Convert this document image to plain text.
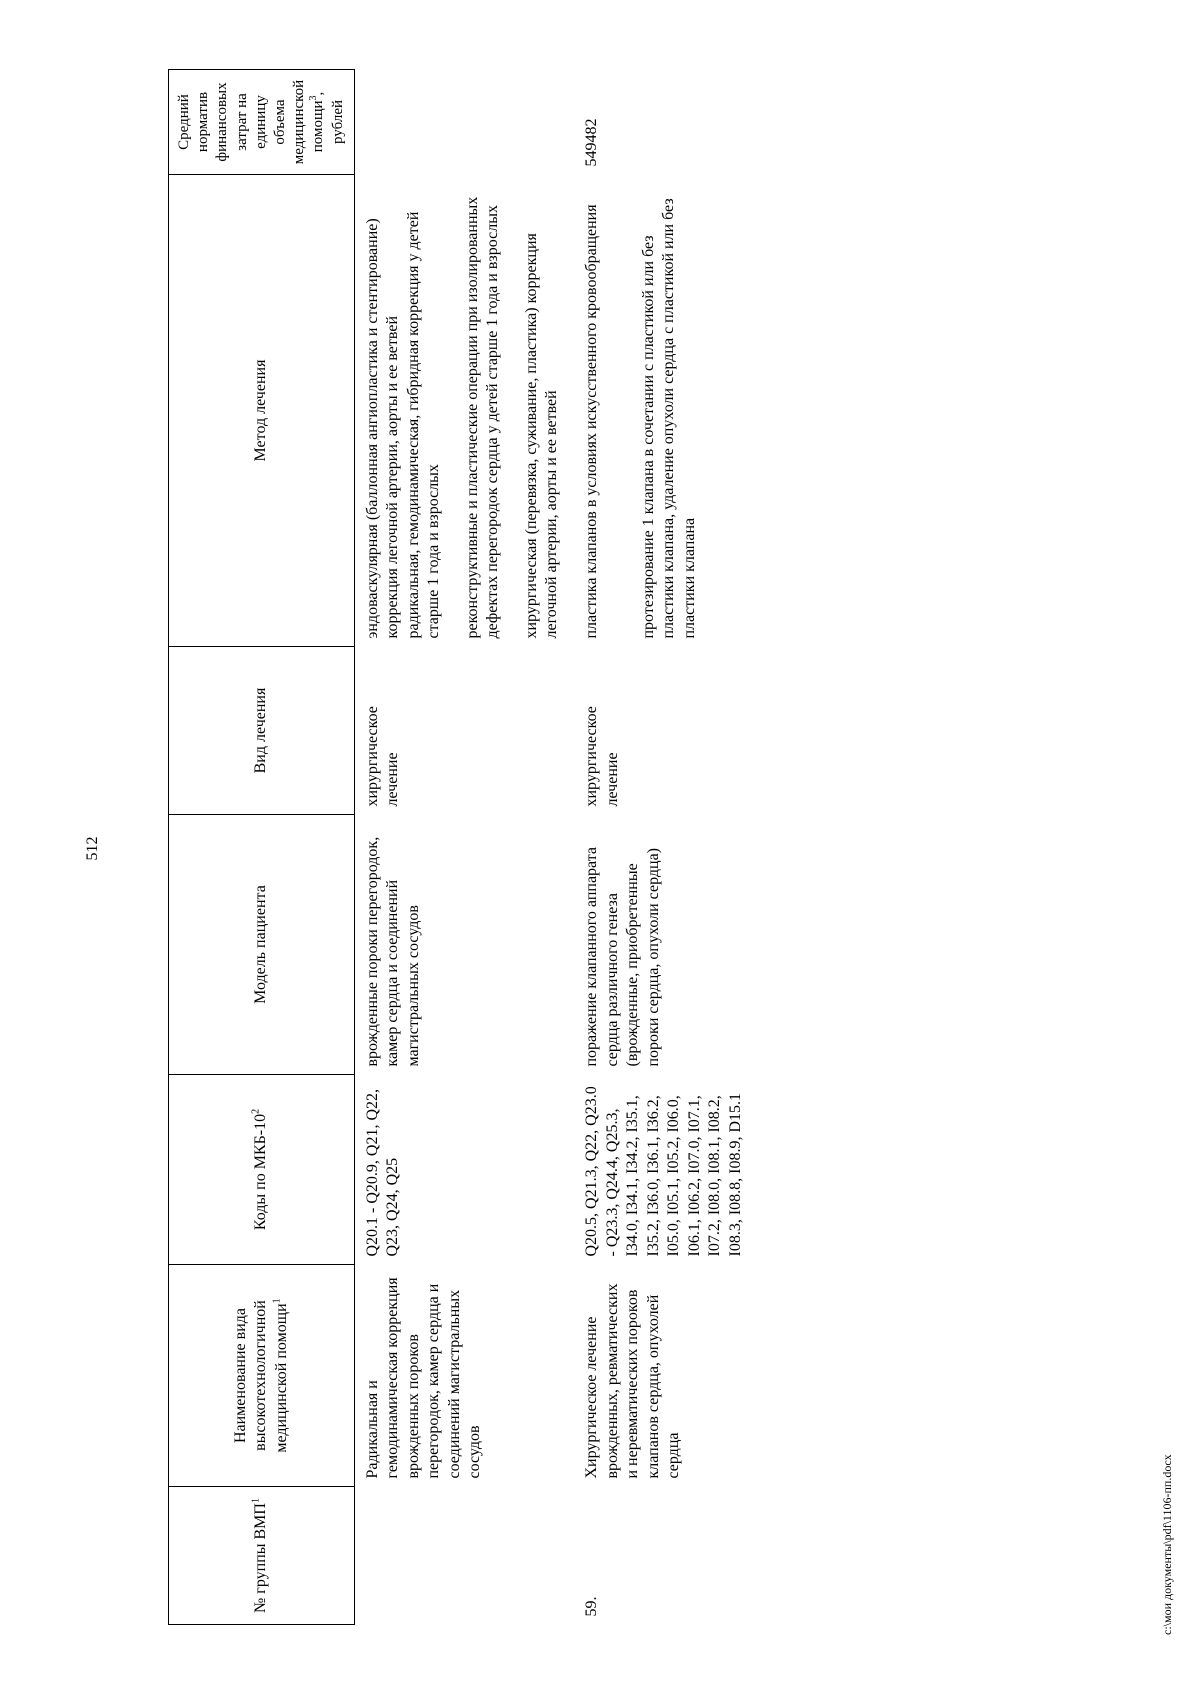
512
№ группы ВМП$^1$	Наименование вида высокотехнологичной медицинской помощи$^1$	Коды по МКБ-$10^2$	Модель пациента	Вид лечения	Метод лечения	Средний норматив финансовых затрат на единицу объема медицинской помощи$^3$, рублей
	Радикальная и гемодинамическая коррекция врожденных пороков перегородок, камер сердца и соединений магистральных сосудов	Q20.1 - Q20.9, Q21, Q22, Q23, Q24, Q25	врожденные пороки перегородок, камер сердца и соединений магистральных сосудов	хирургическое лечение	эндоваскулярная (баллонная ангиопластика и стентирование) коррекция легочной артерии, аорты и ее ветвей радикальная, гемодинамическая, гибридная коррекция у детей старше 1 года и взрослых реконструктивные и пластические операции при изолированных дефектах перегородок сердца у детей старше 1 года и взрослых хирургическая (перевязка, суживание, пластика) коррекция легочной артерии, аорты и ее ветвей	

59.	Хирургическое лечение врожденных, ревматических и неревматических пороков клапанов сердца, опухолей сердца	Q20.5, Q21.3, Q22, Q23.0 - Q23.3, Q24.4, Q25.3, I34.0, I34.1, I34.2, I35.1, I35.2, I36.0, I36.1, I36.2, I05.0, I05.1, I05.2, I06.0, I06.1, I06.2, I07.0, I07.1, I07.2, I08.0, I08.1, I08.2, I08.3, I08.8, I08.9, D15.1	поражение клапанного аппарата сердца различного генеза (врожденные, приобретенные пороки сердца, опухоли сердца)	хирургическое лечение	пластика клапанов в условиях искусственного кровообращения протезирование 1 клапана в сочетании с пластикой или без пластики клапана, удаление опухоли сердца с пластикой или без пластики клапана	549482
c:\мои документы\pdf\1106-пп.docx
